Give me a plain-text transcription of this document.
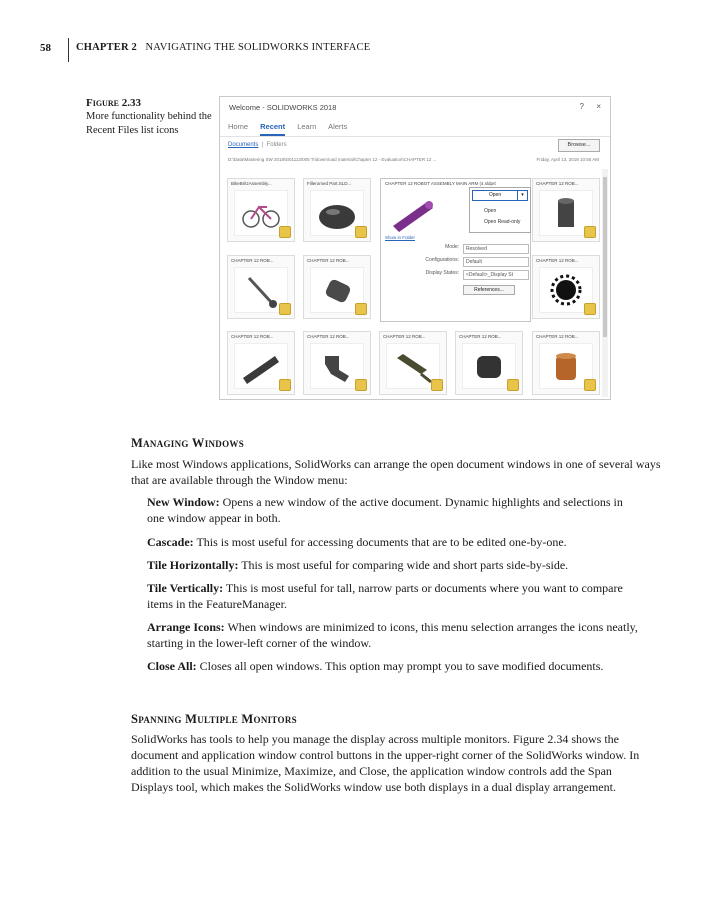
58 CHAPTER 2 NAVIGATING THE SOLIDWORKS INTERFACE
Figure 2.33
More functionality behind the Recent Files list icons
Welcome - SOLIDWORKS 2018	? ×
Home Recent Learn Alerts
Documents  |  Folders	Browse...
D:\Data\Mastering SW 2018\5\01113\005 Tridowm\oad material\Chapter 12 - Evaluation\CHAPTER 12 ...	Friday, April 13, 2018 10:55 AM
BikeBritzAssembly...	Filleromed Part.SLD...	CHAPTER 12 ROBOT ASSEMBLY MAIN ARM (4.sldprt
Open	▾
Open
Open Read-only
Show in Folder
Mode:	Resolved
Configurations:	Default
Display States:	<Default>_Display St
References...
CHAPTER 12 ROB...
CHAPTER 12 ROB...	CHAPTER 12 ROB...	CHAPTER 12 ROB...
CHAPTER 12 ROB...	CHAPTER 12 ROB...	CHAPTER 12 ROB...	CHAPTER 12 ROB...	CHAPTER 12 ROB...
Managing Windows
Like most Windows applications, SolidWorks can arrange the open document windows in one of several ways that are available through the Window menu:
New Window: Opens a new window of the active document. Dynamic highlights and selections in one window appear in both.
Cascade: This is most useful for accessing documents that are to be edited one-by-one.
Tile Horizontally: This is most useful for comparing wide and short parts side-by-side.
Tile Vertically: This is most useful for tall, narrow parts or documents where you want to compare items in the FeatureManager.
Arrange Icons: When windows are minimized to icons, this menu selection arranges the icons neatly, starting in the lower-left corner of the window.
Close All: Closes all open windows. This option may prompt you to save modified documents.
Spanning Multiple Monitors
SolidWorks has tools to help you manage the display across multiple monitors. Figure 2.34 shows the document and application window control buttons in the upper-right corner of the SolidWorks window. In addition to the usual Minimize, Maximize, and Close, the application window controls add the Span Displays tool, which makes the SolidWorks window use both displays in a dual display arrangement.
